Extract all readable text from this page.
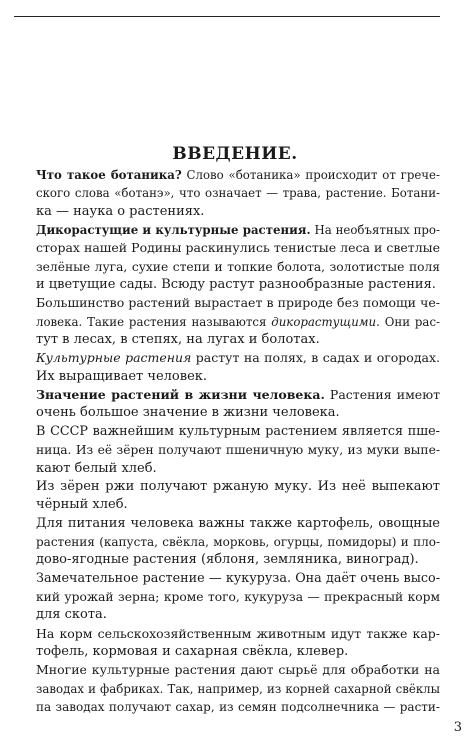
ВВЕДЕНИЕ.
Что такое ботаника? Слово «ботаника» происходит от грече-
ского слова «ботанэ», что означает — трава, растение. Ботани-
ка — наука о растениях.
Дикорастущие и культурные растения. На необъятных про-
сторах нашей Родины раскинулись тенистые леса и светлые
зелёные луга, сухие степи и топкие болота, золотистые поля
и цветущие сады. Всюду растут разнообразные растения.
Большинство растений вырастает в природе без помощи че-
ловека. Такие растения называются дикорастущими. Они рас-
тут в лесах, в степях, на лугах и болотах.
Культурные растения растут на полях, в садах и огородах.
Их выращивает человек.
Значение растений в жизни человека. Растения имеют
очень большое значение в жизни человека.
В СССР важнейшим культурным растением является пше-
ница. Из её зёрен получают пшеничную муку, из муки выпе-
кают белый хлеб.
Из зёрен ржи получают ржаную муку. Из неё выпекают
чёрный хлеб.
Для питания человека важны также картофель, овощные
растения (капуста, свёкла, морковь, огурцы, помидоры) и пло-
дово-ягодные растения (яблоня, земляника, виноград).
Замечательное растение — кукуруза. Она даёт очень высо-
кий урожай зерна; кроме того, кукуруза — прекрасный корм
для скота.
На корм сельскохозяйственным животным идут также кар-
тофель, кормовая и сахарная свёкла, клевер.
Многие культурные растения дают сырьё для обработки на
заводах и фабриках. Так, например, из корней сахарной свёклы
па заводах получают сахар, из семян подсолнечника — расти-
3
